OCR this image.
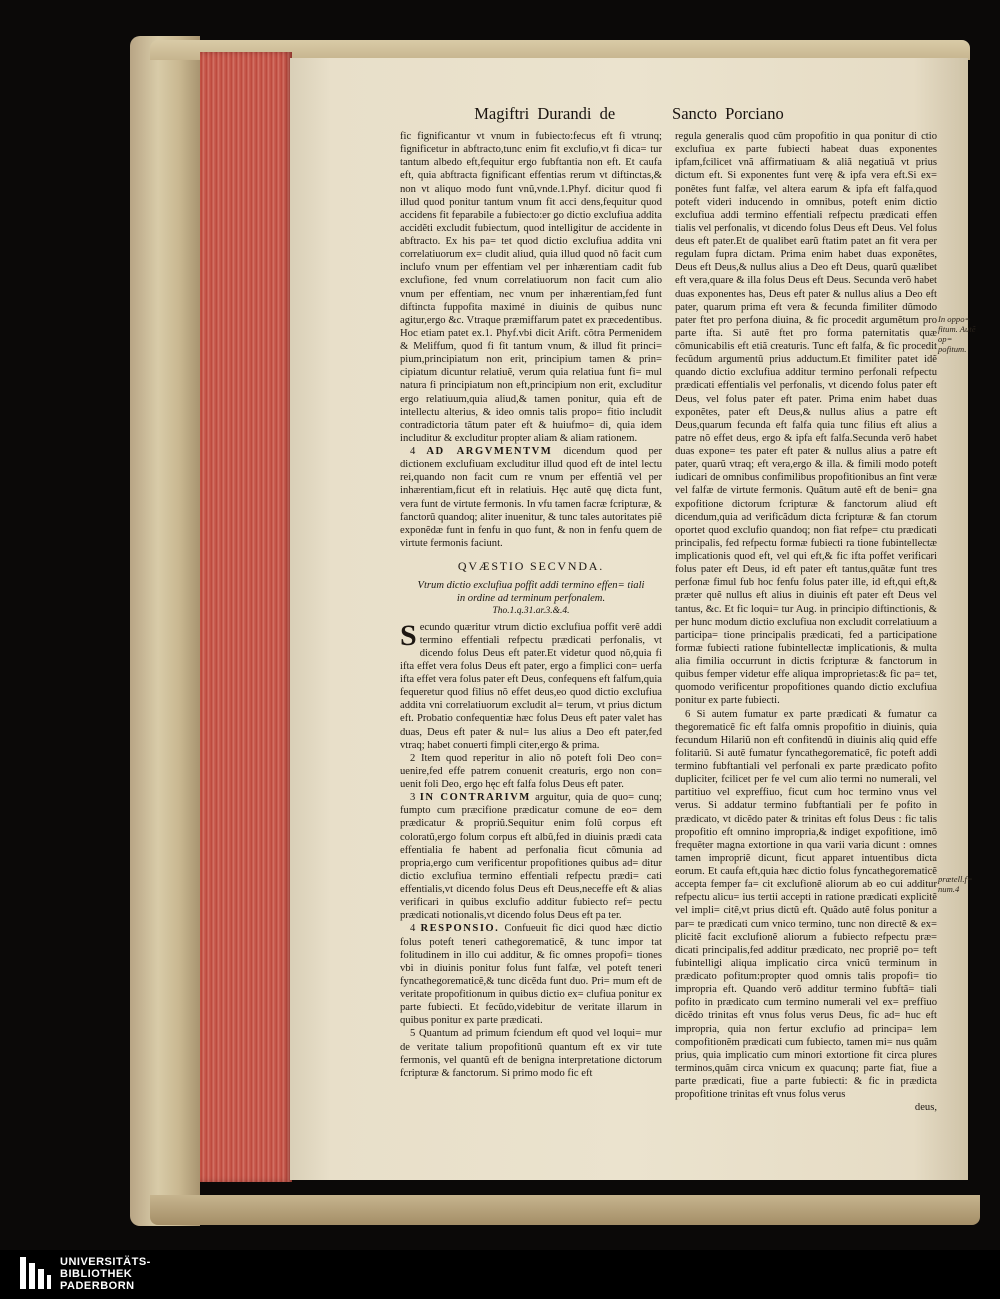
Magiftri Durandi de	Sancto Porciano

fic fignificantur vt vnum in fubiecto:fecus eft fi vtrunq; fignificetur in abftracto,tunc enim fit exclufio,vt fi dica= tur tantum albedo eft,fequitur ergo fubftantia non eft. Et caufa eft, quia abftracta fignificant effentias rerum vt diftinctas,& non vt aliquo modo funt vnũ,vnde.1.Phyf. dicitur quod fi illud quod ponitur tantum vnum fit acci dens,fequitur quod accidens fit feparabile a fubiecto:er go dictio exclufiua addita accidẽti excludit fubiectum, quod intelligitur de accidente in abftracto. Ex his pa= tet quod dictio exclufiua addita vni correlatiuorum ex= cludit aliud, quia illud quod nõ facit cum inclufo vnum per effentiam vel per inhærentiam cadit fub exclufione, fed vnum correlatiuorum non facit cum alio vnum per effentiam, nec vnum per inhærentiam,fed funt diftincta fuppofita maximé in diuinis de quibus nunc agitur,ergo &c. Vtraque præmiffarum patet ex præcedentibus. Hoc etiam patet ex.1. Phyf.vbi dicit Arift. cõtra Permenidem & Meliffum, quod fi fit tantum vnum, & illud fit princi= pium,principiatum non erit, principium tamen & prin= cipiatum dicuntur relatiuẽ, verum quia relatiua funt fi= mul natura fi principiatum non eft,principium non erit, excluditur ergo relatiuum,quia aliud,& tamen ponitur, quia eft de intellectu alterius, & ideo omnis talis propo= fitio includit contradictoria tãtum pater eft & huiufmo= di, quia idem includitur & excluditur propter aliam & aliam rationem.

4 AD ARGVMENTVM dicendum quod per dictionem exclufiuam excluditur illud quod eft de intel lectu rei,quando non facit cum re vnum per effentiã vel per inhærentiam,ficut eft in relatiuis. Hęc autẽ quę dicta funt, vera funt de virtute fermonis. In vfu tamen facræ fcripturæ, & fanctorũ quandoq; aliter inuenitur, & tunc tales autoritates piẽ exponẽdæ funt in fenfu in quo funt, & non in fenfu quem de virtute fermonis faciunt.

QVÆSTIO SECVNDA.

Vtrum dictio exclufiua poffit addi termino effen= tiali in ordine ad terminum perfonalem.

Tho.1.q.31.ar.3.&.4.

S ecundo quæritur vtrum dictio exclufiua poffit verẽ addi termino effentiali refpectu prædicati perfonalis, vt dicendo folus Deus eft pater.Et videtur quod nõ,quia fi ifta effet vera folus Deus eft pater, ergo a fimplici con= uerfa ifta effet vera folus pater eft Deus, confequens eft falfum,quia fequeretur quod filius nõ effet deus,eo quod dictio exclufiua addita vni correlatiuorum excludit al= terum, vt prius dictum eft. Probatio confequentiæ hæc folus Deus eft pater valet has duas, Deus eft pater & nul= lus alius a Deo eft pater,fed vtraq; habet conuerti fimpli citer,ergo & prima.

2 Item quod reperitur in alio nõ poteft foli Deo con= uenire,fed effe patrem conuenit creaturis, ergo non con= uenit foli Deo, ergo hęc eft falfa folus Deus eft pater.

3 IN CONTRARIVM arguitur, quia de quo= cunq; fumpto cum præcifione prædicatur comune de eo= dem prædicatur & propriũ.Sequitur enim folũ corpus eft coloratũ,ergo folum corpus eft albũ,fed in diuinis prædi cata effentialia fe habent ad perfonalia ficut cõmunia ad propria,ergo cum verificentur propofitiones quibus ad= ditur dictio exclufiua termino effentiali refpectu prædi= cati effentialis,vt dicendo folus Deus eft Deus,neceffe eft & alias verificari in quibus exclufio additur fubiecto ref= pectu prædicati notionalis,vt dicendo folus Deus eft pa ter.

4 RESPONSIO. Confueuit fic dici quod hæc dictio folus poteft teneri cathegorematicẽ, & tunc impor tat folitudinem in illo cui additur, & fic omnes propofi= tiones vbi in diuinis ponitur folus funt falfæ, vel poteft teneri fyncathegorematicẽ,& tunc dicẽda funt duo. Pri= mum eft de veritate propofitionum in quibus dictio ex= clufiua ponitur ex parte fubiecti. Et fecũdo,videbitur de veritate illarum in quibus ponitur ex parte prædicati.

5 Quantum ad primum fciendum eft quod vel loqui= mur de veritate talium propofitionũ quantum eft ex vir tute fermonis, vel quantũ eft de benigna interpretatione dictorum fcripturæ & fanctorum. Si primo modo fic eft

regula generalis quod cũm propofitio in qua ponitur di ctio exclufiua ex parte fubiecti habeat duas exponentes ipfam,fcilicet vnã affirmatiuam & aliã negatiuã vt prius dictum eft. Si exponentes funt verę & ipfa vera eft.Si ex= ponẽtes funt falfæ, vel altera earum & ipfa eft falfa,quod poteft videri inducendo in omnibus, poteft enim dictio exclufiua addi termino effentiali refpectu prædicati effen tialis vel perfonalis, vt dicendo folus Deus eft Deus. Vel folus deus eft pater.Et de qualibet earũ ftatim patet an fit vera per regulam fupra dictam. Prima enim habet duas exponẽtes, Deus eft Deus,& nullus alius a Deo eft Deus, quarũ quælibet eft vera,quare & illa folus Deus eft Deus. Secunda verõ habet duas exponentes has, Deus eft pater & nullus alius a Deo eft pater, quarum prima eft vera & fecunda fimiliter dũmodo pater ftet pro perfona diuina, & fic procedit argumẽtum pro parte ifta. Si autẽ ftet pro forma paternitatis quæ cõmunicabilis eft etiã creaturis. Tunc eft falfa, & fic procedit fecũdum argumentũ prius adductum.Et fimiliter patet idẽ quando dictio exclufiua additur termino perfonali refpectu prædicati effentialis vel perfonalis, vt dicendo folus pater eft Deus, vel folus pater eft pater. Prima enim habet duas exponẽtes, pater eft Deus,& nullus alius a patre eft Deus,quarum fecunda eft falfa quia tunc filius eft alius a patre nõ effet deus, ergo & ipfa eft falfa.Secunda verõ habet duas expone= tes pater eft pater & nullus alius a patre eft pater, quarũ vtraq; eft vera,ergo & illa. & fimili modo poteft iudicari de omnibus confimilibus propofitionibus an fint veræ vel falfæ de virtute fermonis. Quãtum autẽ eft de beni= gna expofitione dictorum fcripturæ & fanctorum aliud eft dicendum,quia ad verificãdum dicta fcripturæ & fan ctorum oportet quod exclufio quandoq; non fiat refpe= ctu prædicati principalis, fed refpectu formæ fubiecti ra tione fubintellectæ implicationis quod eft, vel qui eft,& fic ifta poffet verificari folus pater eft Deus, id eft pater eft tantus,quãtæ funt tres perfonæ fimul fub hoc fenfu folus pater ille, id eft,qui eft,& præter quẽ nullus eft alius in diuinis eft pater eft Deus vel tantus, &c. Et fic loqui= tur Aug. in principio diftinctionis, & per hunc modum dictio exclufiua non excludit correlatiuum a participa= tione principalis prædicati, fed a participatione formæ fubiecti ratione fubintellectæ implicationis, & multa alia fimilia occurrunt in dictis fcripturæ & fanctorum in quibus femper videtur effe aliqua improprietas:& fic pa= tet, quomodo verificentur propofitiones quando dictio exclufiua ponitur ex parte fubiecti.

6 Si autem fumatur ex parte prædicati & fumatur ca thegorematicẽ fic eft falfa omnis propofitio in diuinis, quia fecundum Hilariũ non eft confitendũ in diuinis aliq quid effe folitariũ. Si autẽ fumatur fyncathegorematicẽ, fic poteft addi termino fubftantiali vel perfonali ex parte prædicato pofito dupliciter, fcilicet per fe vel cum alio termi no numerali, vel partitiuo vel expreffiuo, ficut cum hoc termino vnus vel verus. Si addatur termino fubftantiali per fe pofito in prædicato, vt dicẽdo pater & trinitas eft folus Deus : fic talis propofitio eft omnino impropria,& indiget expofitione, imõ frequẽter magna extortione in qua varii varia dicunt : omnes tamen impropriẽ dicunt, ficut apparet intuentibus dicta eorum. Et caufa eft,quia hæc dictio folus fyncathegorematicẽ accepta femper fa= cit exclufionẽ aliorum ab eo cui additur refpectu alicu= ius tertii accepti in ratione prædicati explicitẽ vel impli= citẽ,vt prius dictũ eft. Quãdo autẽ folus ponitur a par= te prædicati cum vnico termino, tunc non directẽ & ex= plicitẽ facit exclufionẽ aliorum a fubiecto refpectu præ= dicati principalis,fed additur prædicato, nec propriẽ po= teft fubintelligi aliqua implicatio circa vnicũ terminum in prædicato pofitum:propter quod omnis talis propofi= tio impropria eft. Quando verõ additur termino fubftã= tiali pofito in prædicato cum termino numerali vel ex= preffiuo dicẽdo trinitas eft vnus folus verus Deus, fic ad= huc eft impropria, quia non fertur exclufio ad principa= lem compofitionẽm prædicati cum fubiecto, tamen mi= nus quãm prius, quia implicatio cum minori extortione fit circa plures terminos,quãm circa vnicum ex quacunq; parte fiat, fiue a parte prædicati, fiue a parte fubiecti: & fic in prædicta propofitione trinitas eft vnus folus verus

deus,

In oppo= fitum. Autẽ op= pofitum.
prætell.f= num.4
UNIVERSITÄTS-
BIBLIOTHEK
PADERBORN
